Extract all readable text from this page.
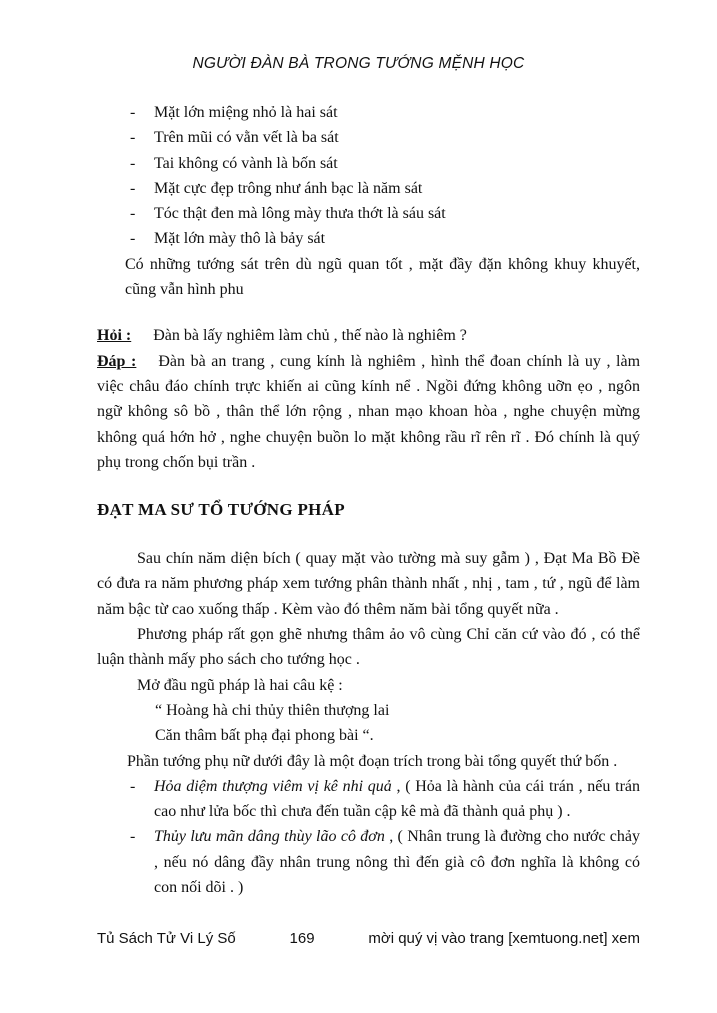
NGƯỜI ĐÀN BÀ TRONG TƯỚNG MỆNH HỌC
-	Mặt lớn miệng nhỏ là hai sát
-	Trên mũi có vằn vết là ba sát
-	Tai không có vành là bốn sát
-	Mặt cực đẹp trông như ánh bạc là năm sát
-	Tóc thật đen mà lông mày thưa thớt là sáu sát
-	Mặt lớn mày thô là bảy sát

Có những tướng sát trên dù ngũ quan tốt , mặt đầy đặn không khuy khuyết, cũng vẫn hình phu

Hỏi : Đàn bà lấy nghiêm làm chủ , thế nào là nghiêm ?

Đáp : Đàn bà an trang , cung kính là nghiêm , hình thể đoan chính là uy , làm việc châu đáo chính trực khiến ai cũng kính nể . Ngồi đứng không uỡn ẹo , ngôn ngữ không sô bồ , thân thể lớn rộng , nhan mạo khoan hòa , nghe chuyện mừng không quá hớn hở , nghe chuyện buồn lo mặt không rầu rĩ rên rĩ . Đó chính là quý phụ trong chốn bụi trần .

ĐẠT MA SƯ TỔ TƯỚNG PHÁP

Sau chín năm diện bích ( quay mặt vào tường mà suy gẫm ) , Đạt Ma Bồ Đề có đưa ra năm phương pháp xem tướng phân thành nhất , nhị , tam , tứ , ngũ để làm năm bậc từ cao xuống thấp . Kèm vào đó thêm năm bài tổng quyết nữa .

Phương pháp rất gọn ghẽ nhưng thâm ảo vô cùng Chỉ căn cứ vào đó , có thể luận thành mấy pho sách cho tướng học .

Mở đầu ngũ pháp là hai câu kệ :

“ Hoàng hà chi thủy thiên thượng lai

Căn thâm bất phạ đại phong bài “.

Phần tướng phụ nữ dưới đây là một đoạn trích trong bài tổng quyết thứ bốn .

-	Hỏa diệm thượng viêm vị kê nhi quả , ( Hỏa là hành của cái trán , nếu trán cao như lửa bốc thì chưa đến tuần cập kê mà đã thành quả phụ ) .
-	Thủy lưu mãn dâng thùy lão cô đơn , ( Nhân trung là đường cho nước chảy , nếu nó dâng đầy nhân trung nông thì đến già cô đơn nghĩa là không có con nối dõi . )
Tủ Sách Tử Vi Lý Số	169	mời quý vị vào trang [xemtuong.net] xem
